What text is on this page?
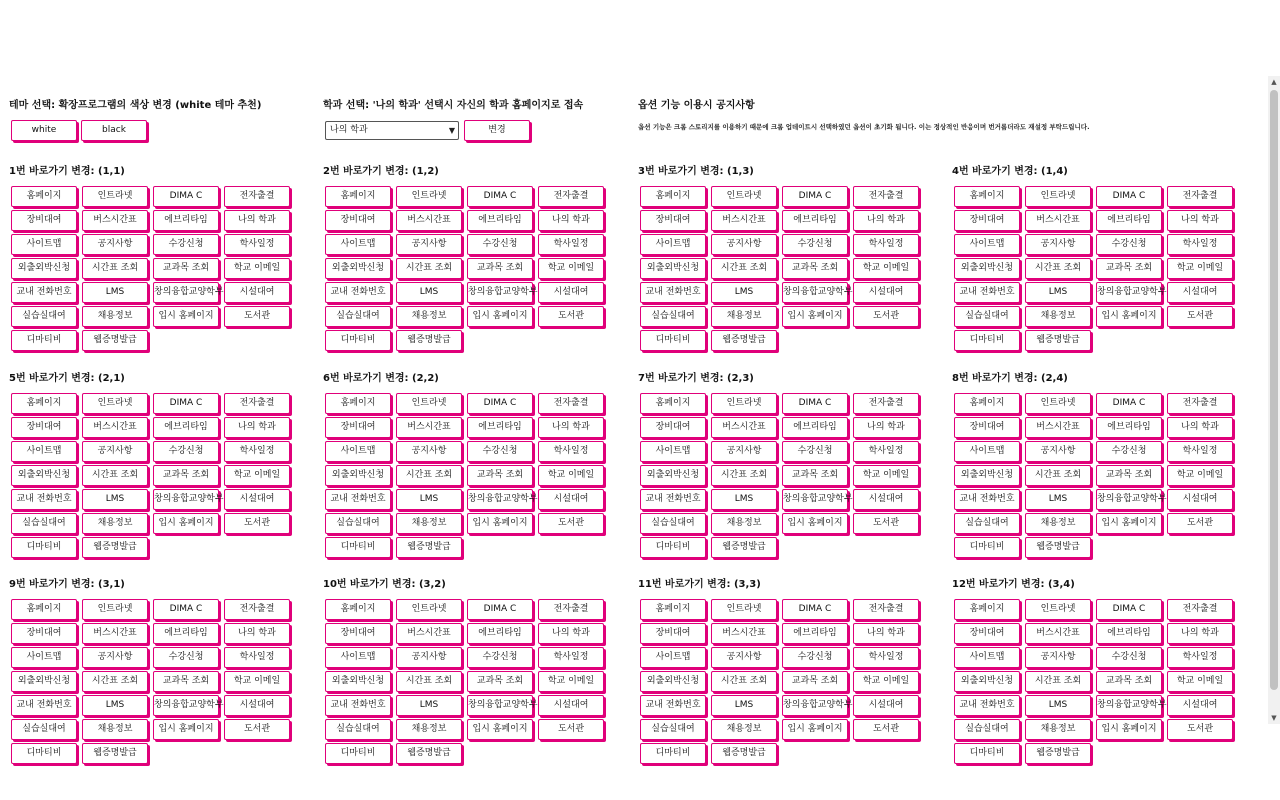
테마 선택: 확장프로그램의 색상 변경 (white 테마 추천)
white	black
학과 선택: '나의 학과' 선택시 자신의 학과 홈페이지로 접속
나의 학과	▼	변경
옵션 기능 이용시 공지사항
옵션 기능은 크롬 스토리지를 이용하기 때문에 크롬 업데이트시 선택하였던 옵션이 초기화 됩니다. 이는 정상적인 반응이며 번거롭더라도 재설정 부탁드립니다.
1번 바로가기 변경: (1,1)
홈페이지	인트라넷	DIMA C	전자출결
장비대여	버스시간표	에브리타임	나의 학과
사이트맵	공지사항	수강신청	학사일정
외출외박신청	시간표 조회	교과목 조회	학교 이메일
교내 전화번호	LMS	창의융합교양학부	시설대여
실습실대여	채용정보	입시 홈페이지	도서관
디마티비	웹증명발급
2번 바로가기 변경: (1,2)
홈페이지	인트라넷	DIMA C	전자출결
장비대여	버스시간표	에브리타임	나의 학과
사이트맵	공지사항	수강신청	학사일정
외출외박신청	시간표 조회	교과목 조회	학교 이메일
교내 전화번호	LMS	창의융합교양학부	시설대여
실습실대여	채용정보	입시 홈페이지	도서관
디마티비	웹증명발급
3번 바로가기 변경: (1,3)
홈페이지	인트라넷	DIMA C	전자출결
장비대여	버스시간표	에브리타임	나의 학과
사이트맵	공지사항	수강신청	학사일정
외출외박신청	시간표 조회	교과목 조회	학교 이메일
교내 전화번호	LMS	창의융합교양학부	시설대여
실습실대여	채용정보	입시 홈페이지	도서관
디마티비	웹증명발급
4번 바로가기 변경: (1,4)
홈페이지	인트라넷	DIMA C	전자출결
장비대여	버스시간표	에브리타임	나의 학과
사이트맵	공지사항	수강신청	학사일정
외출외박신청	시간표 조회	교과목 조회	학교 이메일
교내 전화번호	LMS	창의융합교양학부	시설대여
실습실대여	채용정보	입시 홈페이지	도서관
디마티비	웹증명발급
5번 바로가기 변경: (2,1)
홈페이지	인트라넷	DIMA C	전자출결
장비대여	버스시간표	에브리타임	나의 학과
사이트맵	공지사항	수강신청	학사일정
외출외박신청	시간표 조회	교과목 조회	학교 이메일
교내 전화번호	LMS	창의융합교양학부	시설대여
실습실대여	채용정보	입시 홈페이지	도서관
디마티비	웹증명발급
6번 바로가기 변경: (2,2)
홈페이지	인트라넷	DIMA C	전자출결
장비대여	버스시간표	에브리타임	나의 학과
사이트맵	공지사항	수강신청	학사일정
외출외박신청	시간표 조회	교과목 조회	학교 이메일
교내 전화번호	LMS	창의융합교양학부	시설대여
실습실대여	채용정보	입시 홈페이지	도서관
디마티비	웹증명발급
7번 바로가기 변경: (2,3)
홈페이지	인트라넷	DIMA C	전자출결
장비대여	버스시간표	에브리타임	나의 학과
사이트맵	공지사항	수강신청	학사일정
외출외박신청	시간표 조회	교과목 조회	학교 이메일
교내 전화번호	LMS	창의융합교양학부	시설대여
실습실대여	채용정보	입시 홈페이지	도서관
디마티비	웹증명발급
8번 바로가기 변경: (2,4)
홈페이지	인트라넷	DIMA C	전자출결
장비대여	버스시간표	에브리타임	나의 학과
사이트맵	공지사항	수강신청	학사일정
외출외박신청	시간표 조회	교과목 조회	학교 이메일
교내 전화번호	LMS	창의융합교양학부	시설대여
실습실대여	채용정보	입시 홈페이지	도서관
디마티비	웹증명발급
9번 바로가기 변경: (3,1)
홈페이지	인트라넷	DIMA C	전자출결
장비대여	버스시간표	에브리타임	나의 학과
사이트맵	공지사항	수강신청	학사일정
외출외박신청	시간표 조회	교과목 조회	학교 이메일
교내 전화번호	LMS	창의융합교양학부	시설대여
실습실대여	채용정보	입시 홈페이지	도서관
디마티비	웹증명발급
10번 바로가기 변경: (3,2)
홈페이지	인트라넷	DIMA C	전자출결
장비대여	버스시간표	에브리타임	나의 학과
사이트맵	공지사항	수강신청	학사일정
외출외박신청	시간표 조회	교과목 조회	학교 이메일
교내 전화번호	LMS	창의융합교양학부	시설대여
실습실대여	채용정보	입시 홈페이지	도서관
디마티비	웹증명발급
11번 바로가기 변경: (3,3)
홈페이지	인트라넷	DIMA C	전자출결
장비대여	버스시간표	에브리타임	나의 학과
사이트맵	공지사항	수강신청	학사일정
외출외박신청	시간표 조회	교과목 조회	학교 이메일
교내 전화번호	LMS	창의융합교양학부	시설대여
실습실대여	채용정보	입시 홈페이지	도서관
디마티비	웹증명발급
12번 바로가기 변경: (3,4)
홈페이지	인트라넷	DIMA C	전자출결
장비대여	버스시간표	에브리타임	나의 학과
사이트맵	공지사항	수강신청	학사일정
외출외박신청	시간표 조회	교과목 조회	학교 이메일
교내 전화번호	LMS	창의융합교양학부	시설대여
실습실대여	채용정보	입시 홈페이지	도서관
디마티비	웹증명발급
▲
▼
